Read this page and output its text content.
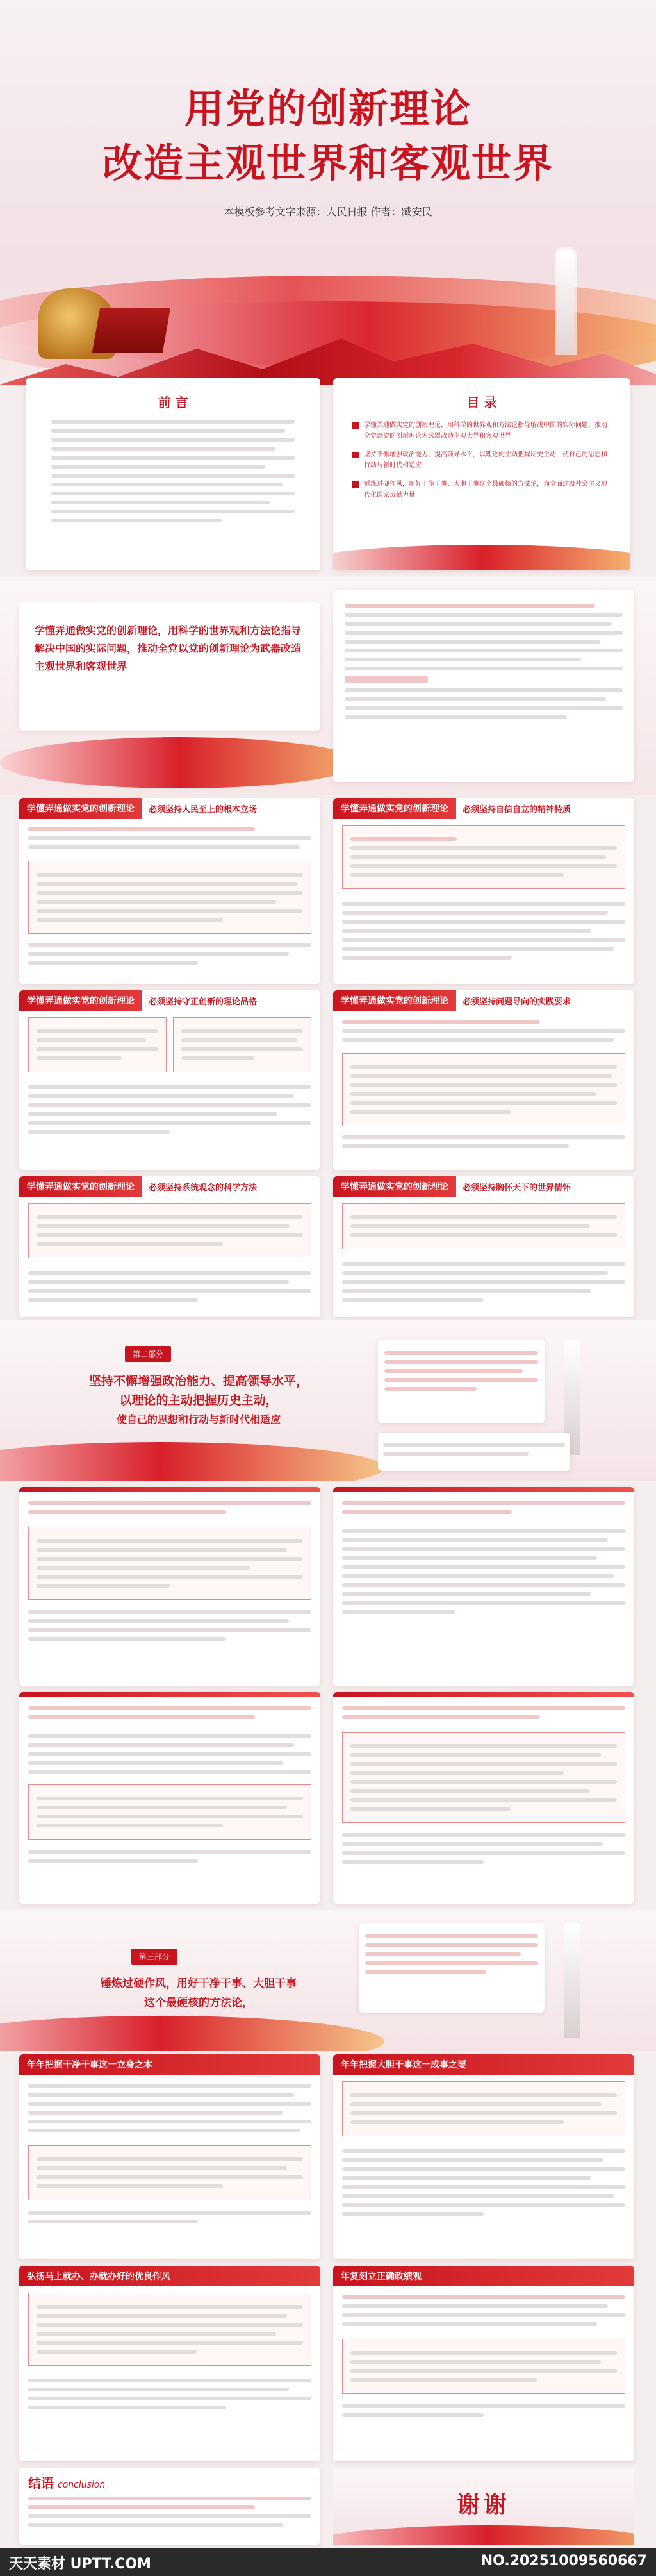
用党的创新理论
改造主观世界和客观世界
本模板参考文字来源：人民日报 作者：臧安民
前 言	目 录
学懂弄通做实党的创新理论，用科学的世界观和方法论指导解决中国的实际问题，推动全党以党的创新理论为武器改造主观世界和客观世界
坚持不懈增强政治能力、提高领导水平，以理论的主动把握历史主动，使自己的思想和行动与新时代相适应
锤炼过硬作风，用好干净干事、大胆干事这个最硬核的方法论，为全面建设社会主义现代化国家贡献力量
学懂弄通做实党的创新理论，用科学的世界观和方法论指导解决中国的实际问题，推动全党以党的创新理论为武器改造主观世界和客观世界
学懂弄通做实党的创新理论	必须坚持人民至上的根本立场	学懂弄通做实党的创新理论	必须坚持自信自立的精神特质
学懂弄通做实党的创新理论	必须坚持守正创新的理论品格	学懂弄通做实党的创新理论	必须坚持问题导向的实践要求
学懂弄通做实党的创新理论	必须坚持系统观念的科学方法	学懂弄通做实党的创新理论	必须坚持胸怀天下的世界情怀
第二部分
坚持不懈增强政治能力、提高领导水平，
以理论的主动把握历史主动，
使自己的思想和行动与新时代相适应
第三部分
锤炼过硬作风，用好干净干事、大胆干事
这个最硬核的方法论，
年年把握干净干事这一立身之本	年年把握大胆干事这一成事之要
弘扬马上就办、办就办好的优良作风	年复刻立正确政绩观
结语 conclusion
谢谢
天天素材 UPTT.COM	NO.20251009560667
